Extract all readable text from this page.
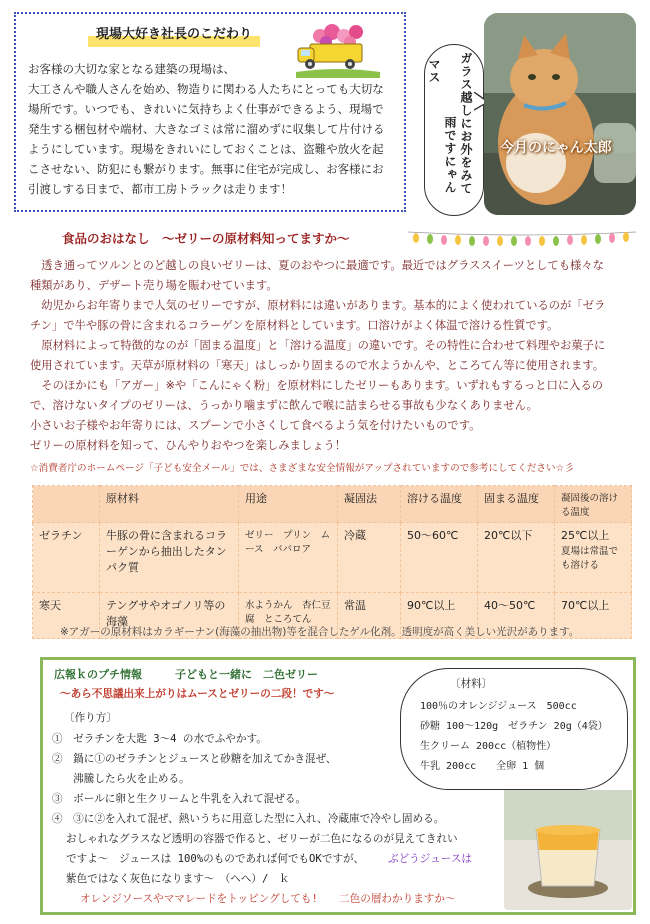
現場大好き社長のこだわり
お客様の大切な家となる建築の現場は、
大工さんや職人さんを始め、物造りに関わる人たちにとっても大切な
場所です。いつでも、きれいに気持ちよく仕事ができるよう、現場で
発生する梱包材や端材、大きなゴミは常に溜めずに収集して片付ける
ようにしています。現場をきれいにしておくことは、盗難や放火を起
こさせない、防犯にも繋がります。無事に住宅が完成し、お客様にお
引渡しする日まで、都市工房トラックは走ります！	ガラス越しにお外をみて
雨ですにゃん
マス
今月のにゃん太郎
食品のおはなし　～ゼリーの原材料知ってますか～
　透き通ってツルンとのど越しの良いゼリーは、夏のおやつに最適です。最近ではグラススイーツとしても様々な
種類があり、デザート売り場を賑わせています。
　幼児からお年寄りまで人気のゼリーですが、原材料には違いがあります。基本的によく使われているのが「ゼラ
チン」で牛や豚の骨に含まれるコラーゲンを原材料としています。口溶けがよく体温で溶ける性質です。
　原材料によって特徴的なのが「固まる温度」と「溶ける温度」の違いです。その特性に合わせて料理やお菓子に
使用されています。天草が原材料の「寒天」はしっかり固まるので水ようかんや、ところてん等に使用されます。
　そのほかにも「アガー」※や「こんにゃく粉」を原材料にしたゼリーもあります。いずれもするっと口に入るの
で、溶けないタイプのゼリーは、うっかり噛まずに飲んで喉に詰まらせる事故も少なくありません。
小さいお子様やお年寄りには、スプーンで小さくして食べるよう気を付けたいものです。
ゼリーの原材料を知って、ひんやりおやつを楽しみましょう！
☆消費者庁のホームページ「子ども安全メール」では、さまざまな安全情報がアップされていますので参考にしてください☆彡
	原材料	用途	凝固法	溶ける温度	固まる温度	凝固後の溶ける温度
ゼラチン	牛豚の骨に含まれるコラーゲンから抽出したタンパク質	ゼリー　プリン　ムース　ババロア	冷蔵	50～60℃	20℃以下	25℃以上
夏場は常温でも溶ける

寒天	テングサやオゴノリ等の海藻	水ようかん　杏仁豆腐　ところてん	常温	90℃以上	40～50℃	70℃以上
※アガーの原材料はカラギーナン(海藻の抽出物)等を混合したゲル化剤。透明度が高く美しい光沢があります。
広報ｋのプチ情報　　　子どもと一緒に　二色ゼリー
～あら不思議出来上がりはムースとゼリーの二段！です～
〔作り方〕
①　ゼラチンを大匙 3～4 の水でふやかす。
②　鍋に①のゼラチンとジュースと砂糖を加えてかき混ぜ、
　　沸騰したら火を止める。
③　ボールに卵と生クリームと牛乳を入れて混ぜる。
④　③に②を入れて混ぜ、熱いうちに用意した型に入れ、冷蔵庫で冷やし固める。
おしゃれなグラスなど透明の容器で作ると、ゼリーが二色になるのが見えてきれい
ですよ～　ジュースは 100%のものであれば何でもOKですが、 ぶどうジュースは
紫色ではなく灰色になります～　（ヘヘ）/　ｋ
オレンジソースやママレードをトッピングしても!　　二色の層わかりますか～
〔材料〕
100％のオレンジジュース　500cc
砂糖 100～120g　ゼラチン 20g（4袋）
生クリーム 200cc（植物性）
牛乳 200cc　　全卵 1 個
